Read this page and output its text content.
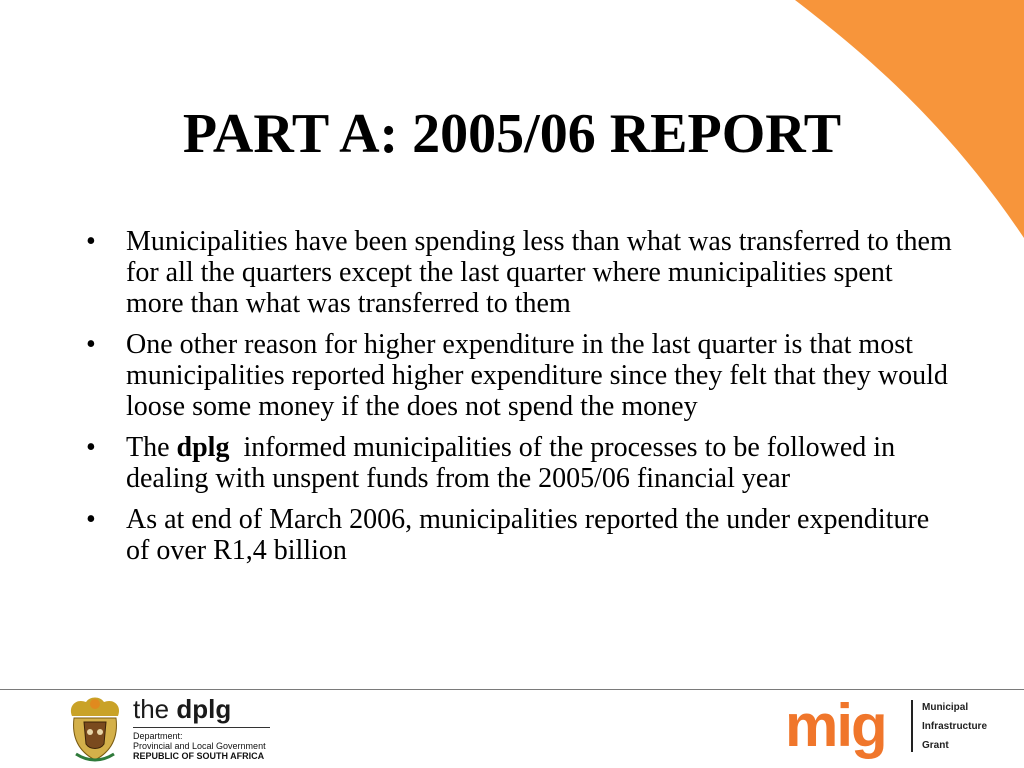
PART A: 2005/06 REPORT
• Municipalities have been spending less than what was transferred to them for all the quarters except the last quarter where municipalities spent more than what was transferred to them
• One other reason for higher expenditure in the last quarter is that most municipalities reported higher expenditure since they felt that they would loose some money if the does not spend the money
• The dplg  informed municipalities of the processes to be followed in dealing with unspent funds from the 2005/06 financial year
• As at end of March 2006, municipalities reported the under expenditure of over R1,4 billion
the dplg
Department:
Provincial and Local Government
REPUBLIC OF SOUTH AFRICA	mig	Municipal
Infrastructure
Grant
